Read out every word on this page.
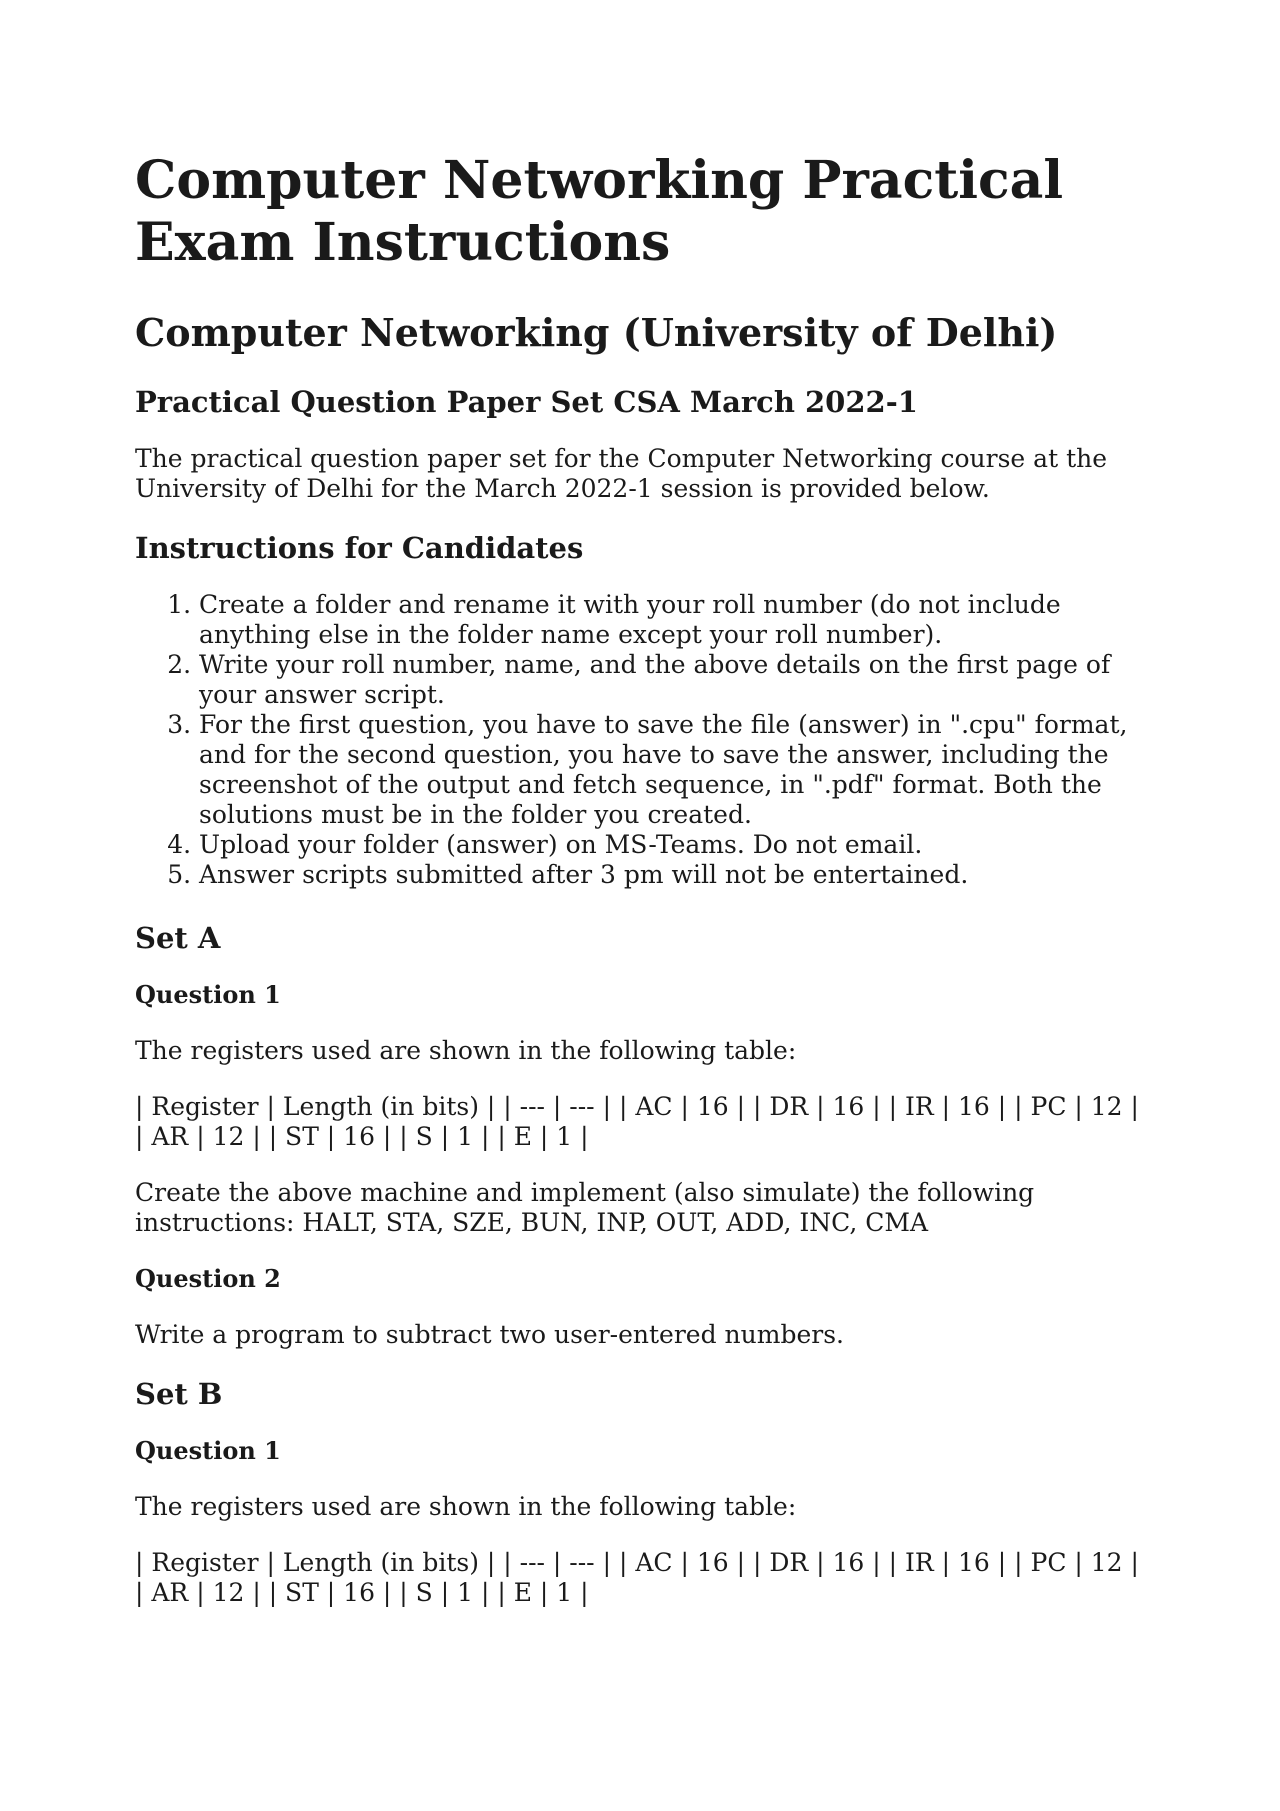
Computer Networking Practical Exam Instructions
Computer Networking (University of Delhi)
Practical Question Paper Set CSA March 2022-1

The practical question paper set for the Computer Networking course at the University of Delhi for the March 2022-1 session is provided below.

Instructions for Candidates
1. Create a folder and rename it with your roll number (do not include anything else in the folder name except your roll number).
2. Write your roll number, name, and the above details on the first page of your answer script.
3. For the first question, you have to save the file (answer) in ".cpu" format, and for the second question, you have to save the answer, including the screenshot of the output and fetch sequence, in ".pdf" format. Both the solutions must be in the folder you created.
4. Upload your folder (answer) on MS-Teams. Do not email.
5. Answer scripts submitted after 3 pm will not be entertained.
Set A
Question 1

The registers used are shown in the following table:

| Register | Length (in bits) | | --- | --- | | AC | 16 | | DR | 16 | | IR | 16 | | PC | 12 | | AR | 12 | | ST | 16 | | S | 1 | | E | 1 |

Create the above machine and implement (also simulate) the following instructions: HALT, STA, SZE, BUN, INP, OUT, ADD, INC, CMA

Question 2

Write a program to subtract two user-entered numbers.

Set B
Question 1

The registers used are shown in the following table:

| Register | Length (in bits) | | --- | --- | | AC | 16 | | DR | 16 | | IR | 16 | | PC | 12 | | AR | 12 | | ST | 16 | | S | 1 | | E | 1 |
